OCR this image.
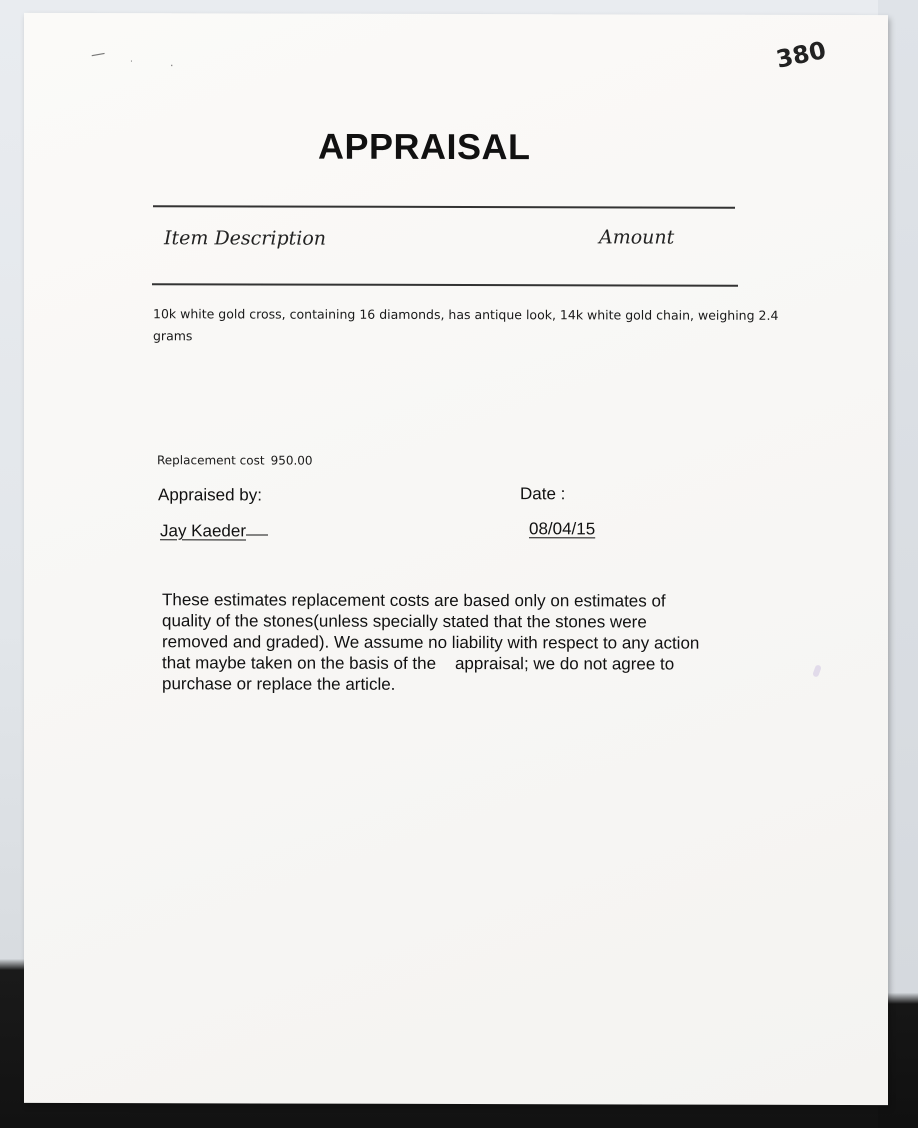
|
·	·	380
APPRAISAL
Item Description	Amount
10k white gold cross, containing 16 diamonds, has antique look, 14k white gold chain, weighing 2.4 grams
Replacement cost 950.00
Appraised by:	Date :
Jay Kaeder	08/04/15
These estimates replacement costs are based only on estimates of
quality of the stones(unless specially stated that the stones were
removed and graded). We assume no liability with respect to any action
that maybe taken on the basis of the    appraisal; we do not agree to
purchase or replace the article.
